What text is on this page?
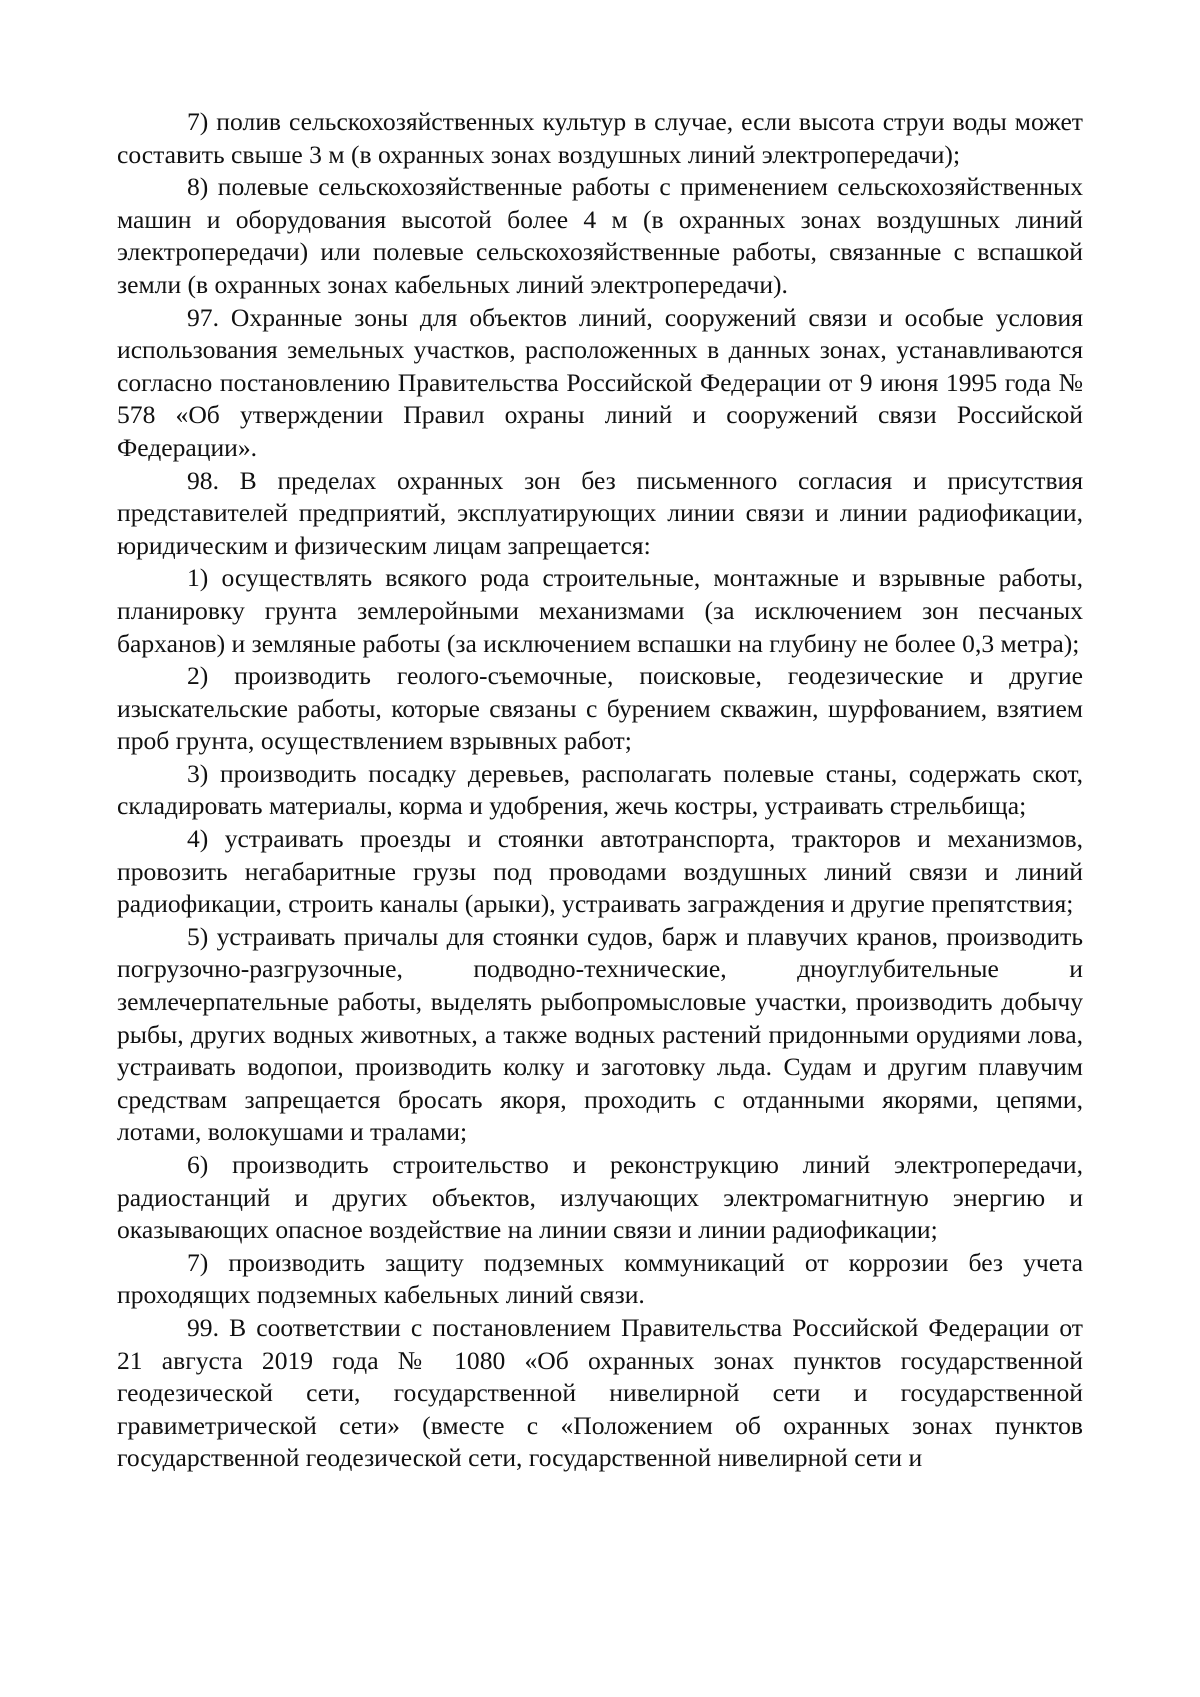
7) полив сельскохозяйственных культур в случае, если высота струи воды может составить свыше 3 м (в охранных зонах воздушных линий электропередачи);

8) полевые сельскохозяйственные работы с применением сельскохозяйственных машин и оборудования высотой более 4 м (в охранных зонах воздушных линий электропередачи) или полевые сельскохозяйственные работы, связанные с вспашкой земли (в охранных зонах кабельных линий электропередачи).

97. Охранные зоны для объектов линий, сооружений связи и особые условия использования земельных участков, расположенных в данных зонах, устанавливаются согласно постановлению Правительства Российской Федерации от 9 июня 1995 года № 578 «Об утверждении Правил охраны линий и сооружений связи Российской Федерации».

98. В пределах охранных зон без письменного согласия и присутствия представителей предприятий, эксплуатирующих линии связи и линии радиофикации, юридическим и физическим лицам запрещается:

1) осуществлять всякого рода строительные, монтажные и взрывные работы, планировку грунта землеройными механизмами (за исключением зон песчаных барханов) и земляные работы (за исключением вспашки на глубину не более 0,3 метра);

2) производить геолого-съемочные, поисковые, геодезические и другие изыскательские работы, которые связаны с бурением скважин, шурфованием, взятием проб грунта, осуществлением взрывных работ;

3) производить посадку деревьев, располагать полевые станы, содержать скот, складировать материалы, корма и удобрения, жечь костры, устраивать стрельбища;

4) устраивать проезды и стоянки автотранспорта, тракторов и механизмов, провозить негабаритные грузы под проводами воздушных линий связи и линий радиофикации, строить каналы (арыки), устраивать заграждения и другие препятствия;

5) устраивать причалы для стоянки судов, барж и плавучих кранов, производить погрузочно-разгрузочные, подводно-технические, дноуглубительные и землечерпательные работы, выделять рыбопромысловые участки, производить добычу рыбы, других водных животных, а также водных растений придонными орудиями лова, устраивать водопои, производить колку и заготовку льда. Судам и другим плавучим средствам запрещается бросать якоря, проходить с отданными якорями, цепями, лотами, волокушами и тралами;

6) производить строительство и реконструкцию линий электропередачи, радиостанций и других объектов, излучающих электромагнитную энергию и оказывающих опасное воздействие на линии связи и линии радиофикации;

7) производить защиту подземных коммуникаций от коррозии без учета проходящих подземных кабельных линий связи.

99. В соответствии с постановлением Правительства Российской Федерации от 21 августа 2019 года № 1080 «Об охранных зонах пунктов государственной геодезической сети, государственной нивелирной сети и государственной гравиметрической сети» (вместе с «Положением об охранных зонах пунктов государственной геодезической сети, государственной нивелирной сети и
